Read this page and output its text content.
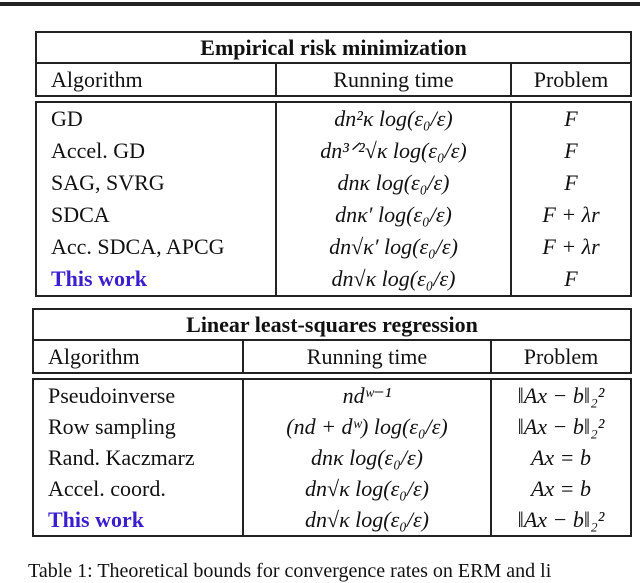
Empirical risk minimization		
Algorithm	Running time	Problem

GD	dn²κ log(ε₀/ε)	F
Accel. GD	dn³ᐟ²√κ log(ε₀/ε)	F
SAG, SVRG	dnκ log(ε₀/ε)	F
SDCA	dnκ′ log(ε₀/ε)	F + λr
Acc. SDCA, APCG	dn√κ′ log(ε₀/ε)	F + λr
This work	dn√κ log(ε₀/ε)	F
Linear least-squares regression		
Algorithm	Running time	Problem

Pseudoinverse	ndʷ⁻¹	‖Ax − b‖₂²
Row sampling	(nd + dʷ) log(ε₀/ε)	‖Ax − b‖₂²
Rand. Kaczmarz	dnκ log(ε₀/ε)	Ax = b
Accel. coord.	dn√κ log(ε₀/ε)	Ax = b
This work	dn√κ log(ε₀/ε)	‖Ax − b‖₂²
Table 1: Theoretical bounds for convergence rates on ERM and li
